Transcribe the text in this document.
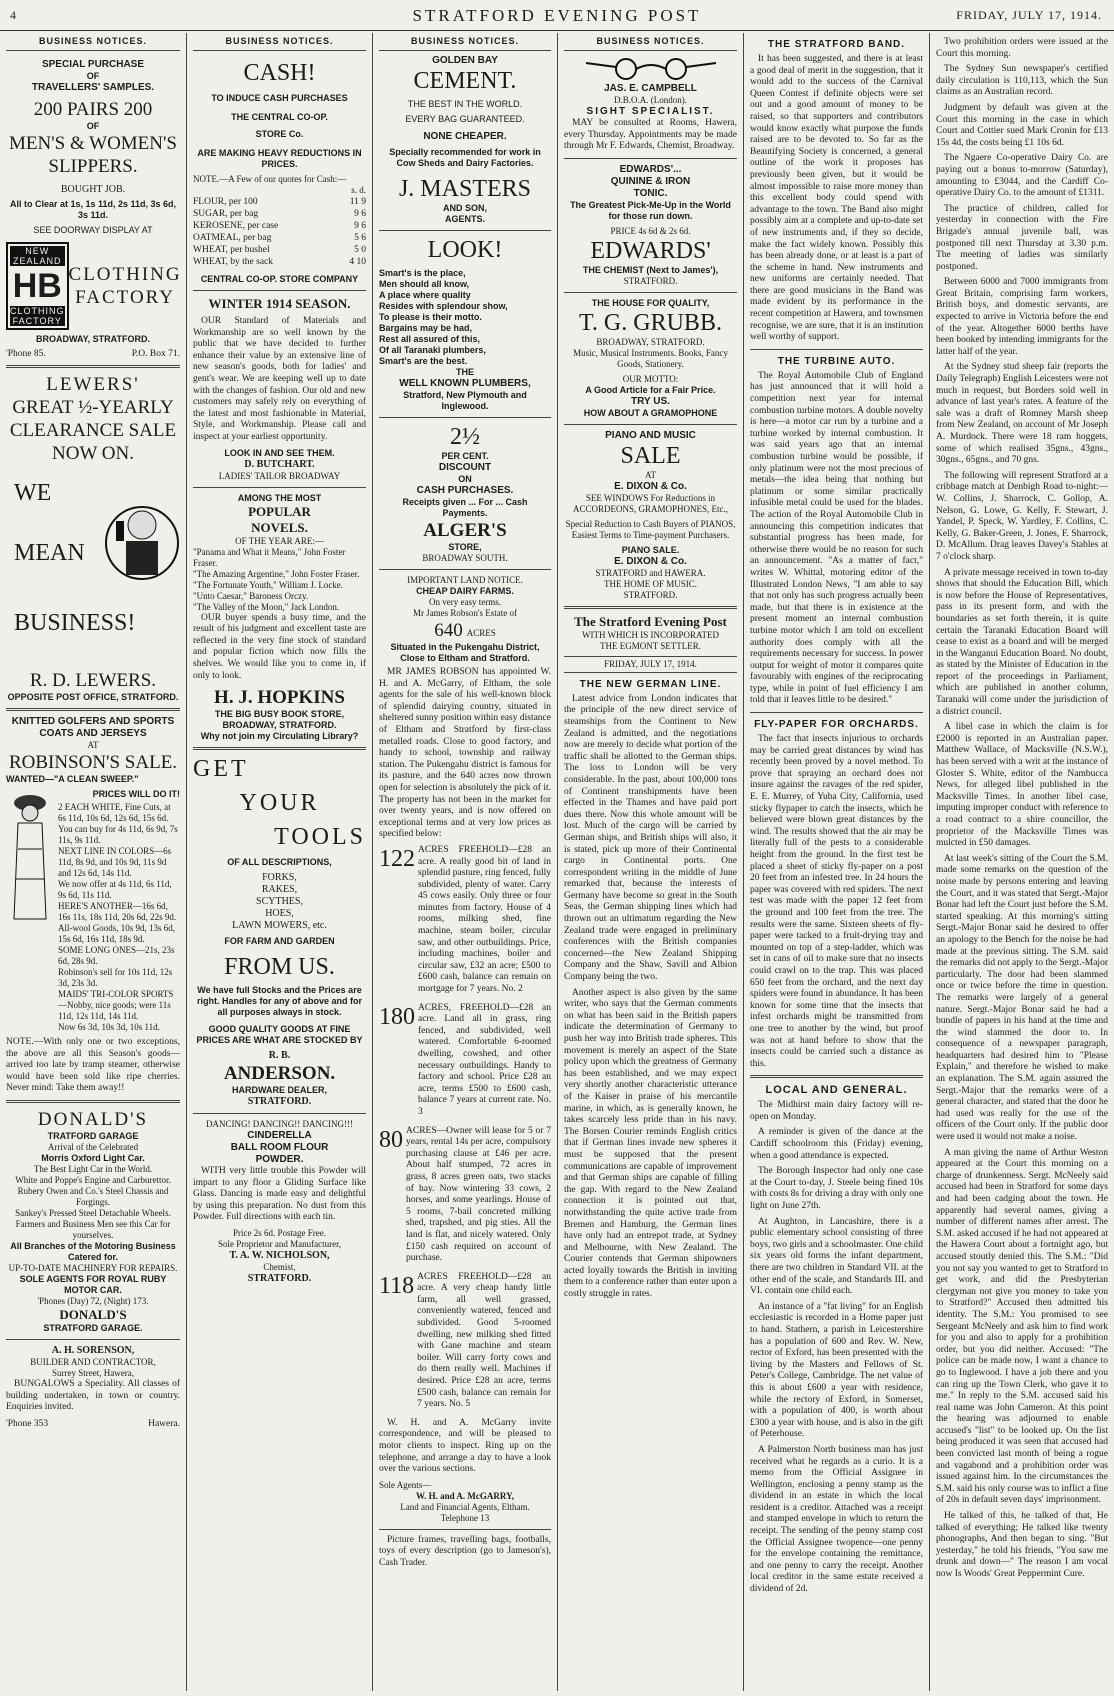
4	STRATFORD EVENING POST	FRIDAY, JULY 17, 1914.
BUSINESS NOTICES.
SPECIAL PURCHASE
OF
TRAVELLERS' SAMPLES.
200 PAIRS 200
OF
MEN'S & WOMEN'S
SLIPPERS.
BOUGHT JOB.
All to Clear at 1s, 1s 11d, 2s 11d, 3s 6d, 3s 11d.
SEE DOORWAY DISPLAY AT
NEW ZEALAND
HB
CLOTHING FACTORY
CLOTHING
FACTORY
BROADWAY, STRATFORD.
'Phone 85.	P.O. Box 71.
LEWERS'
GREAT ½-YEARLY
CLEARANCE SALE
NOW ON.
WE
MEAN
BUSINESS!
R. D. LEWERS.
OPPOSITE POST OFFICE, STRATFORD.
KNITTED GOLFERS AND SPORTS COATS AND JERSEYS
AT
ROBINSON'S SALE.
WANTED—"A CLEAN SWEEP."
PRICES WILL DO IT!
2 EACH WHITE, Fine Cuts, at 6s 11d, 10s 6d, 12s 6d, 15s 6d.
You can buy for 4s 11d, 6s 9d, 7s 11s, 9s 11d.
NEXT LINE IN COLORS—6s 11d, 8s 9d, and 10s 9d, 11s 9d and 12s 6d, 14s 11d.
We now offer at 4s 11d, 6s 11d, 9s 6d, 11s 11d.
HERE'S ANOTHER—16s 6d, 16s 11s, 18s 11d, 20s 6d, 22s 9d.
All-wool Goods, 10s 9d, 13s 6d, 15s 6d, 16s 11d, 18s 9d.
SOME LONG ONES—21s, 23s 6d, 28s 9d.
Robinson's sell for 10s 11d, 12s 3d, 23s 3d.
MAIDS' TRI-COLOR SPORTS—Nobby, nice goods; were 11s 11d, 12s 11d, 14s 11d.
Now 6s 3d, 10s 3d, 10s 11d.
NOTE.—With only one or two exceptions, the above are all this Season's goods—arrived too late by tramp steamer, otherwise would have been sold like ripe cherries. Never mind: Take them away!!
DONALD'S
TRATFORD GARAGE
Arrival of the Celebrated
Morris Oxford Light Car.
The Best Light Car in the World.
White and Poppe's Engine and Carburettor.
Rubery Owen and Co.'s Steel Chassis and Forgings.
Sankey's Pressed Steel Detachable Wheels.
Farmers and Business Men see this Car for yourselves.
All Branches of the Motoring Business Catered for.
UP-TO-DATE MACHINERY FOR REPAIRS.
SOLE AGENTS FOR ROYAL RUBY MOTOR CAR.
'Phones (Day) 72, (Night) 173.
DONALD'S
STRATFORD GARAGE.
A. H. SORENSON,
BUILDER AND CONTRACTOR,
Surrey Street, Hawera,
BUNGALOWS a Speciality. All classes of building undertaken, in town or country. Enquiries invited.
'Phone 353	Hawera.
BUSINESS NOTICES.
CASH!
TO INDUCE CASH PURCHASES
THE CENTRAL CO-OP.
STORE Co.
ARE MAKING HEAVY REDUCTIONS IN PRICES.
NOTE.—A Few of our quotes for Cash:—
s. d.
FLOUR, per 100	11 9
SUGAR, per bag	9 6
KEROSENE, per case	9 6
OATMEAL, per bag	5 6
WHEAT, per bushel	5 0
WHEAT, by the sack	4 10
CENTRAL CO-OP. STORE COMPANY
WINTER 1914 SEASON.
OUR Standard of Materials and Workmanship are so well known by the public that we have decided to further enhance their value by an extensive line of new season's goods, both for ladies' and gent's wear. We are keeping well up to date with the changes of fashion. Our old and new customers may safely rely on everything of the latest and most fashionable in Material, Style, and Workmanship. Please call and inspect at your earliest opportunity.
LOOK IN AND SEE THEM.
D. BUTCHART.
LADIES' TAILOR BROADWAY
AMONG THE MOST
POPULAR
NOVELS.
OF THE YEAR ARE:—
"Panama and What it Means," John Foster Fraser.
"The Amazing Argentine," John Foster Fraser.
"The Fortunate Youth," William J. Locke.
"Unto Caesar," Baroness Orczy.
"The Valley of the Moon," Jack London.
OUR buyer spends a busy time, and the result of his judgment and excellent taste are reflected in the very fine stock of standard and popular fiction which now fills the shelves. We would like you to come in, if only to look.
H. J. HOPKINS
THE BIG BUSY BOOK STORE, BROADWAY, STRATFORD.
Why not join my Circulating Library?
GET
YOUR
TOOLS
OF ALL DESCRIPTIONS,
FORKS,
RAKES,
SCYTHES,
HOES,
LAWN MOWERS, etc.
FOR FARM AND GARDEN
FROM US.
We have full Stocks and the Prices are right. Handles for any of above and for all purposes always in stock.
GOOD QUALITY GOODS AT FINE PRICES ARE WHAT ARE STOCKED BY
R. B.
ANDERSON.
HARDWARE DEALER,
STRATFORD.
DANCING! DANCING!! DANCING!!!
CINDERELLA
BALL ROOM FLOUR
POWDER.
WITH very little trouble this Powder will impart to any floor a Gliding Surface like Glass. Dancing is made easy and delightful by using this preparation. No dust from this Powder. Full directions with each tin.
Price 2s 6d. Postage Free.
Sole Proprietor and Manufacturer,
T. A. W. NICHOLSON,
Chemist,
STRATFORD.
BUSINESS NOTICES.
GOLDEN BAY
CEMENT.
THE BEST IN THE WORLD.
EVERY BAG GUARANTEED.
NONE CHEAPER.
Specially recommended for work in Cow Sheds and Dairy Factories.
J. MASTERS
AND SON,
AGENTS.
LOOK!
Smart's is the place,
Men should all know,
A place where quality
Resides with splendour show,
To please is their motto.
Bargains may be had,
Rest all assured of this,
Of all Taranaki plumbers,
Smart's are the best.
THE
WELL KNOWN PLUMBERS,
Stratford, New Plymouth and Inglewood.
2½
PER CENT.
DISCOUNT
ON
CASH PURCHASES.
Receipts given ... For ... Cash Payments.
ALGER'S
STORE,
BROADWAY SOUTH.
IMPORTANT LAND NOTICE.
CHEAP DAIRY FARMS.
On very easy terms.
Mr James Robson's Estate of
640 ACRES
Situated in the Pukengahu District, Close to Eltham and Stratford.
MR JAMES ROBSON has appointed W. H. and A. McGarry, of Eltham, the sole agents for the sale of his well-known block of splendid dairying country, situated in sheltered sunny position within easy distance of Eltham and Stratford by first-class metalled roads. Close to good factory, and handy to school, township and railway station. The Pukengahu district is famous for its pasture, and the 640 acres now thrown open for selection is absolutely the pick of it. The property has not been in the market for over twenty years, and is now offered on exceptional terms and at very low prices as specified below:
122 ACRES FREEHOLD—£28 an acre. A really good bit of land in splendid pasture, ring fenced, fully subdivided, plenty of water. Carry 45 cows easily. Only three or four minutes from factory. House of 4 rooms, milking shed, fine machine, steam boiler, circular saw, and other outbuildings. Price, including machines, boiler and circular saw, £32 an acre; £500 to £600 cash, balance can remain on mortgage for 7 years. No. 2
180 ACRES, FREEHOLD—£28 an acre. Land all in grass, ring fenced, and subdivided, well watered. Comfortable 6-roomed dwelling, cowshed, and other necessary outbuildings. Handy to factory and school. Price £28 an acre, terms £500 to £600 cash, balance 7 years at current rate. No. 3
80 ACRES—Owner will lease for 5 or 7 years, rental 14s per acre, compulsory purchasing clause at £46 per acre. About half stumped, 72 acres in grass, 8 acres green oats, two stacks of hay. Now wintering 33 cows, 2 horses, and some yearlings. House of 5 rooms, 7-bail concreted milking shed, trapshed, and pig sties. All the land is flat, and nicely watered. Only £150 cash required on account of purchase.
118 ACRES FREEHOLD—£28 an acre. A very cheap handy little farm, all well grassed, conveniently watered, fenced and subdivided. Good 5-roomed dwelling, new milking shed fitted with Gane machine and steam boiler. Will carry forty cows and do them really well. Machines if desired. Price £28 an acre, terms £500 cash, balance can remain for 7 years. No. 5
W. H. and A. McGarry invite correspondence, and will be pleased to motor clients to inspect. Ring up on the telephone, and arrange a day to have a look over the various sections.
Sole Agents—
W. H. and A. McGARRY,
Land and Financial Agents, Eltham.
Telephone 13
Picture frames, travelling bags, footballs, toys of every description (go to Jameson's), Cash Trader.
BUSINESS NOTICES.
JAS. E. CAMPBELL
D.B.O.A. (London).
SIGHT SPECIALIST.
MAY be consulted at Rooms, Hawera, every Thursday. Appointments may be made through Mr F. Edwards, Chemist, Broadway.
EDWARDS'...
QUININE & IRON
TONIC.
The Greatest Pick-Me-Up in the World for those run down.
PRICE 4s 6d & 2s 6d.
EDWARDS'
THE CHEMIST (Next to James'),
STRATFORD.
THE HOUSE FOR QUALITY,
T. G. GRUBB.
BROADWAY, STRATFORD.
Music, Musical Instruments. Books, Fancy Goods, Stationery.
OUR MOTTO:
A Good Article for a Fair Price.
TRY US.
HOW ABOUT A GRAMOPHONE
PIANO AND MUSIC
SALE
AT
E. DIXON & Co.
SEE WINDOWS For Reductions in ACCORDEONS, GRAMOPHONES, Etc.,
Special Reduction to Cash Buyers of PIANOS, Easiest Terms to Time-payment Purchasers.
PIANO SALE.
E. DIXON & Co.
STRATFORD and HAWERA.
THE HOME OF MUSIC.
STRATFORD.
The Stratford Evening Post
WITH WHICH IS INCORPORATED
THE EGMONT SETTLER.
FRIDAY, JULY 17, 1914.
THE NEW GERMAN LINE.
Latest advice from London indicates that the principle of the new direct service of steamships from the Continent to New Zealand is admitted, and the negotiations now are merely to decide what portion of the traffic shall be allotted to the German ships. The loss to London will be very considerable. In the past, about 100,000 tons of Continent transhipments have been effected in the Thames and have paid port dues there. Now this whole amount will be lost. Much of the cargo will be carried by German ships, and British ships will also, it is stated, pick up more of their Continental cargo in Continental ports. One correspondent writing in the middle of June remarked that, because the interests of Germany have become so great in the South Seas, the German shipping lines which had thrown out an ultimatum regarding the New Zealand trade were engaged in preliminary conferences with the British companies concerned—the New Zealand Shipping Company and the Shaw, Savill and Albion Company being the two.
Another aspect is also given by the same writer, who says that the German comments on what has been said in the British papers indicate the determination of Germany to push her way into British trade spheres. This movement is merely an aspect of the State policy upon which the greatness of Germany has been established, and we may expect very shortly another characteristic utterance of the Kaiser in praise of his mercantile marine, in which, as is generally known, he takes scarcely less pride than in his navy. The Borsen Courier reminds English critics that if German lines invade new spheres it must be supposed that the present communications are capable of improvement and that German ships are capable of filling the gap. With regard to the New Zealand connection it is pointed out that, notwithstanding the quite active trade from Bremen and Hamburg, the German lines have only had an entrepot trade, at Sydney and Melbourne, with New Zealand. The Courier contends that German shipowners acted loyally towards the British in inviting them to a conference rather than enter upon a costly struggle in rates.
THE STRATFORD BAND.
It has been suggested, and there is at least a good deal of merit in the suggestion, that it would add to the success of the Carnival Queen Contest if definite objects were set out and a good amount of money to be raised, so that supporters and contributors would know exactly what purpose the funds raised are to be devoted to. So far as the Beautifying Society is concerned, a general outline of the work it proposes has previously been given, but it would be almost impossible to raise more money than this excellent body could spend with advantage to the town. The Band also might possibly aim at a complete and up-to-date set of new instruments and, if they so decide, make the fact widely known. Possibly this has been already done, or at least is a part of the scheme in hand. New instruments and new uniforms are certainly needed. That there are good musicians in the Band was made evident by its performance in the recent competition at Hawera, and townsmen recognise, we are sure, that it is an institution well worthy of support.
THE TURBINE AUTO.
The Royal Automobile Club of England has just announced that it will hold a competition next year for internal combustion turbine motors. A double novelty is here—a motor car run by a turbine and a turbine worked by internal combustion. It was said years ago that an internal combustion turbine would be possible, if only platinum were not the most precious of metals—the idea being that nothing but platinum or some similar practically infusible metal could be used for the blades. The action of the Royal Automobile Club in announcing this competition indicates that substantial progress has been made, for otherwise there would be no reason for such an announcement. "As a matter of fact," writes W. Whittal, motoring editor of the Illustrated London News, "I am able to say that not only has such progress actually been made, but that there is in existence at the present moment an internal combustion turbine motor which I am told on excellent authority does comply with all the requirements necessary for success. In power output for weight of motor it compares quite favourably with engines of the reciprocating type, while in point of fuel efficiency I am told that it leaves little to be desired."
FLY-PAPER FOR ORCHARDS.
The fact that insects injurious to orchards may be carried great distances by wind has recently been proved by a novel method. To prove that spraying an orchard does not insure against the ravages of the red spider, E. E. Murrey, of Yuba City, California, used sticky flypaper to catch the insects, which he believed were blown great distances by the wind. The results showed that the air may be literally full of the pests to a considerable height from the ground. In the first test he placed a sheet of sticky fly-paper on a post 20 feet from an infested tree. In 24 hours the paper was covered with red spiders. The next test was made with the paper 12 feet from the ground and 100 feet from the tree. The results were the same. Sixteen sheets of fly-paper were tacked to a fruit-drying tray and mounted on top of a step-ladder, which was set in cans of oil to make sure that no insects could crawl on to the trap. This was placed 650 feet from the orchard, and the next day spiders were found in abundance. It has been known for some time that the insects that infest orchards might be transmitted from one tree to another by the wind, but proof was not at hand before to show that the insects could be carried such a distance as this.
LOCAL AND GENERAL.
The Midhirst main dairy factory will re-open on Monday.
A reminder is given of the dance at the Cardiff schoolroom this (Friday) evening, when a good attendance is expected.
The Borough Inspector had only one case at the Court to-day, J. Steele being fined 10s with costs 8s for driving a dray with only one light on June 27th.
At Aughton, in Lancashire, there is a public elementary school consisting of three boys, two girls and a schoolmaster. One child six years old forms the infant department, there are two children in Standard VII. at the other end of the scale, and Standards III. and VI. contain one child each.
An instance of a "fat living" for an English ecclesiastic is recorded in a Home paper just to hand. Stathern, a parish in Leicestershire has a population of 600 and Rev. W. New, rector of Exford, has been presented with the living by the Masters and Fellows of St. Peter's College, Cambridge. The net value of this is about £600 a year with residence, while the rectory of Exford, in Somerset, with a population of 400, is worth about £300 a year with house, and is also in the gift of Peterhouse.
A Palmerston North business man has just received what he regards as a curio. It is a memo from the Official Assignee in Wellington, enclosing a penny stamp as the dividend in an estate in which the local resident is a creditor. Attached was a receipt and stamped envelope in which to return the receipt. The sending of the penny stamp cost the Official Assignee twopence—one penny for the envelope containing the remittance, and one penny to carry the receipt. Another local creditor in the same estate received a dividend of 2d.
Two prohibition orders were issued at the Court this morning.
The Sydney Sun newspaper's certified daily circulation is 110,113, which the Sun claims as an Australian record.
Judgment by default was given at the Court this morning in the case in which Court and Cottier sued Mark Cronin for £13 15s 4d, the costs being £1 10s 6d.
The Ngaere Co-operative Dairy Co. are paying out a bonus to-morrow (Saturday), amounting to £3044, and the Cardiff Co-operative Dairy Co. to the amount of £1311.
The practice of children, called for yesterday in connection with the Fire Brigade's annual juvenile ball, was postponed till next Thursday at 3.30 p.m. The meeting of ladies was similarly postponed.
Between 6000 and 7000 immigrants from Great Britain, comprising farm workers, British boys, and domestic servants, are expected to arrive in Victoria before the end of the year. Altogether 6000 berths have been booked by intending immigrants for the latter half of the year.
At the Sydney stud sheep fair (reports the Daily Telegraph) English Leicesters were not much in request, but Borders sold well in advance of last year's rates. A feature of the sale was a draft of Romney Marsh sheep from New Zealand, on account of Mr Joseph A. Murdock. There were 18 ram hoggets, some of which realised 35gns., 43gns., 30gns., 65gns., and 70 gns.
The following will represent Stratford at a cribbage match at Denbigh Road to-night:—W. Collins, J. Sharrock, C. Gollop, A. Nelson, G. Lowe, G. Kelly, F. Stewart, J. Yandel, P. Speck, W. Yardley, F. Collins, C. Kelly, G. Baker-Green, J. Jones, F. Sharrock, D. McAllum. Drag leaves Davey's Stables at 7 o'clock sharp.
A private message received in town to-day shows that should the Education Bill, which is now before the House of Representatives, pass in its present form, and with the boundaries as set forth therein, it is quite certain the Taranaki Education Board will cease to exist as a board and will be merged in the Wanganui Education Board. No doubt, as stated by the Minister of Education in the report of the proceedings in Parliament, which are published in another column, Taranaki will come under the jurisdiction of a district council.
A libel case in which the claim is for £2000 is reported in an Australian paper. Matthew Wallace, of Macksville (N.S.W.), has been served with a writ at the instance of Gloster S. White, editor of the Nambucca News, for alleged libel published in the Macksville Times. In another libel case, imputing improper conduct with reference to a road contract to a shire councillor, the proprietor of the Macksville Times was mulcted in £50 damages.
At last week's sitting of the Court the S.M. made some remarks on the question of the noise made by persons entering and leaving the Court, and it was stated that Sergt.-Major Bonar had left the Court just before the S.M. started speaking. At this morning's sitting Sergt.-Major Bonar said he desired to offer an apology to the Bench for the noise he had made at the previous sitting. The S.M. said the remarks did not apply to the Sergt.-Major particularly. The door had been slammed once or twice before the time in question. The remarks were largely of a general nature. Sergt.-Major Bonar said he had a bundle of papers in his hand at the time and the wind slammed the door to. In consequence of a newspaper paragraph, headquarters had desired him to "Please Explain," and therefore he wished to make an explanation. The S.M. again assured the Sergt.-Major that the remarks were of a general character, and stated that the door he had used was really for the use of the officers of the Court only. If the public door were used it would not make a noise.
A man giving the name of Arthur Weston appeared at the Court this morning on a charge of drunkenness. Sergt. McNeely said accused had been in Stratford for some days and had been cadging about the town. He apparently had several names, giving a number of different names after arrest. The S.M. asked accused if he had not appeared at the Hawera Court about a fortnight ago, but accused stoutly denied this. The S.M.: "Did you not say you wanted to get to Stratford to get work, and did the Presbyterian clergyman not give you money to take you to Stratford?" Accused then admitted his identity. The S.M.: You promised to see Sergeant McNeely and ask him to find work for you and also to apply for a prohibition order, but you did neither. Accused: "The police can be made now, I want a chance to go to Inglewood. I have a job there and you can ring up the Town Clerk, who gave it to me." In reply to the S.M. accused said his real name was John Cameron. At this point the hearing was adjourned to enable accused's "list" to be looked up. On the list being produced it was seen that accused had been convicted last month of being a rogue and vagabond and a prohibition order was issued against him. In the circumstances the S.M. said his only course was to inflict a fine of 20s in default seven days' imprisonment.
He talked of this, he talked of that, He talked of everything; He talked like twenty phonographs, And then began to sing. "But yesterday," he told his friends, "You saw me drunk and down—" The reason I am vocal now Is Woods' Great Peppermint Cure.
